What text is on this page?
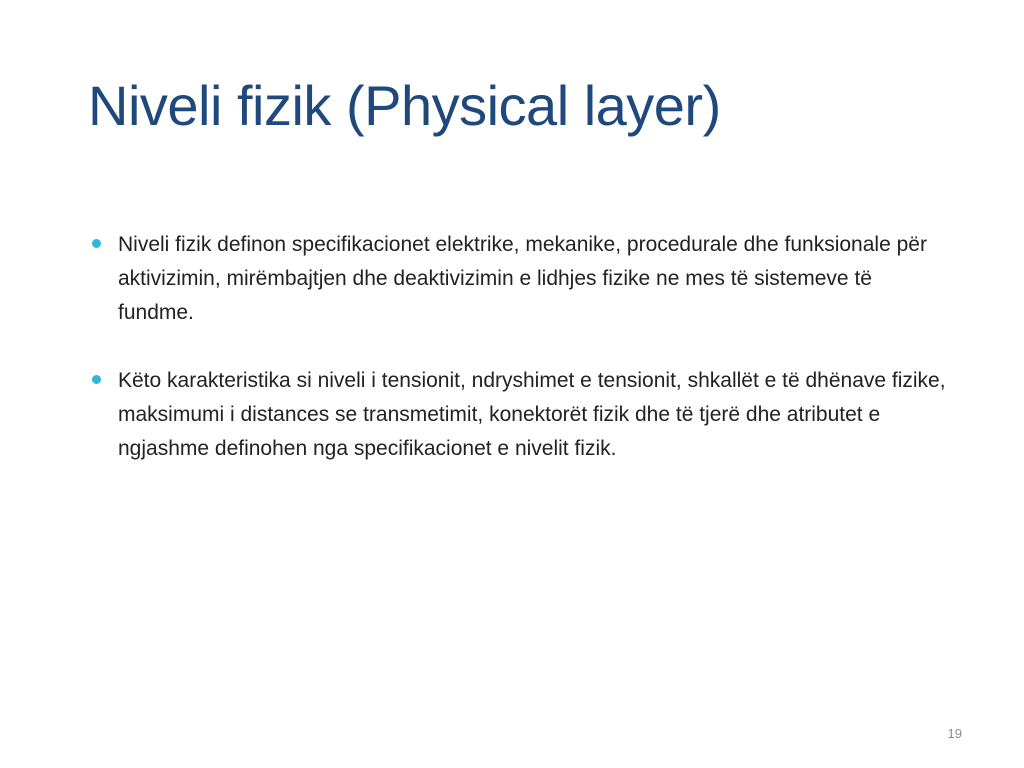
Niveli fizik (Physical layer)
Niveli fizik definon specifikacionet elektrike, mekanike, procedurale dhe funksionale për aktivizimin, mirëmbajtjen dhe deaktivizimin e lidhjes fizike ne mes të sistemeve të fundme.
Këto karakteristika si niveli i tensionit, ndryshimet e tensionit, shkallët e të dhënave fizike, maksimumi i distances se transmetimit, konektorët fizik dhe të tjerë dhe atributet e ngjashme definohen nga specifikacionet e nivelit fizik.
19
